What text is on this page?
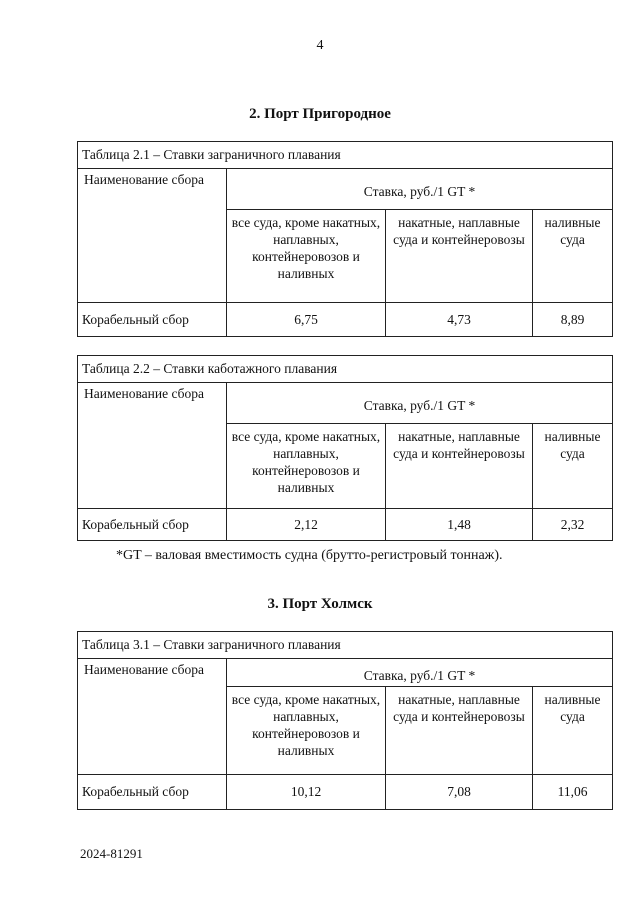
4
2. Порт Пригородное
Таблица 2.1 – Ставки заграничного плавания			
Наименование сбора	Ставка, руб./1 GT *		
	все суда, кроме накатных, наплавных, контейнеровозов и наливных	накатные, наплавные суда и контейнеровозы	наливные суда
Корабельный сбор	6,75	4,73	8,89
Таблица 2.2 – Ставки каботажного плавания			
Наименование сбора	Ставка, руб./1 GT *		
	все суда, кроме накатных, наплавных, контейнеровозов и наливных	накатные, наплавные суда и контейнеровозы	наливные суда
Корабельный сбор	2,12	1,48	2,32
*GT – валовая вместимость судна (брутто-регистровый тоннаж).
3. Порт Холмск
Таблица 3.1 – Ставки заграничного плавания			
Наименование сбора	Ставка, руб./1 GT *		
	все суда, кроме накатных, наплавных, контейнеровозов и наливных	накатные, наплавные суда и контейнеровозы	наливные суда
Корабельный сбор	10,12	7,08	11,06
2024-81291
